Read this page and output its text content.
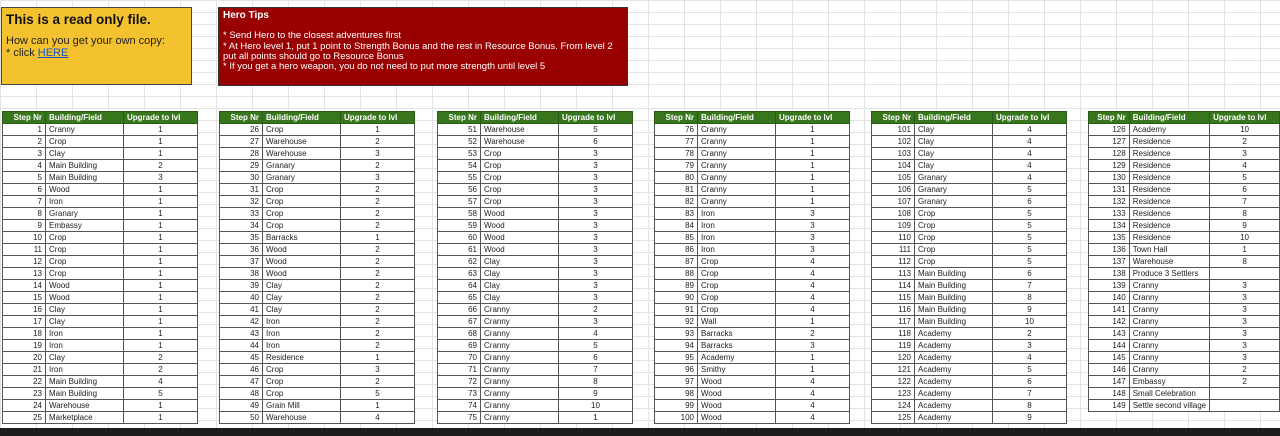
This is a read only file.
How can you get your own copy:
* click HERE
Hero Tips
* Send Hero to the closest adventures first
* At Hero level 1, put 1 point to Strength Bonus and the rest in Resource Bonus. From level 2 put all points should go to Resource Bonus
* If you get a hero weapon, you do not need to put more strength until level 5
Step Nr	Building/Field	Upgrade to lvl
1	Cranny	1
2	Crop	1
3	Clay	1
4	Main Building	2
5	Main Building	3
6	Wood	1
7	Iron	1
8	Granary	1
9	Embassy	1
10	Crop	1
11	Crop	1
12	Crop	1
13	Crop	1
14	Wood	1
15	Wood	1
16	Clay	1
17	Clay	1
18	Iron	1
19	Iron	1
20	Clay	2
21	Iron	2
22	Main Building	4
23	Main Building	5
24	Warehouse	1
25	Marketplace	1
Step Nr	Building/Field	Upgrade to lvl
26	Crop	1
27	Warehouse	2
28	Warehouse	3
29	Granary	2
30	Granary	3
31	Crop	2
32	Crop	2
33	Crop	2
34	Crop	2
35	Barracks	1
36	Wood	2
37	Wood	2
38	Wood	2
39	Clay	2
40	Clay	2
41	Clay	2
42	Iron	2
43	Iron	2
44	Iron	2
45	Residence	1
46	Crop	3
47	Crop	2
48	Crop	5
49	Grain Mill	1
50	Warehouse	4
Step Nr	Building/Field	Upgrade to lvl
51	Warehouse	5
52	Warehouse	6
53	Crop	3
54	Crop	3
55	Crop	3
56	Crop	3
57	Crop	3
58	Wood	3
59	Wood	3
60	Wood	3
61	Wood	3
62	Clay	3
63	Clay	3
64	Clay	3
65	Clay	3
66	Cranny	2
67	Cranny	3
68	Cranny	4
69	Cranny	5
70	Cranny	6
71	Cranny	7
72	Cranny	8
73	Cranny	9
74	Cranny	10
75	Cranny	1
Step Nr	Building/Field	Upgrade to lvl
76	Cranny	1
77	Cranny	1
78	Cranny	1
79	Cranny	1
80	Cranny	1
81	Cranny	1
82	Cranny	1
83	Iron	3
84	Iron	3
85	Iron	3
86	Iron	3
87	Crop	4
88	Crop	4
89	Crop	4
90	Crop	4
91	Crop	4
92	Wall	1
93	Barracks	2
94	Barracks	3
95	Academy	1
96	Smithy	1
97	Wood	4
98	Wood	4
99	Wood	4
100	Wood	4
Step Nr	Building/Field	Upgrade to lvl
101	Clay	4
102	Clay	4
103	Clay	4
104	Clay	4
105	Granary	4
106	Granary	5
107	Granary	6
108	Crop	5
109	Crop	5
110	Crop	5
111	Crop	5
112	Crop	5
113	Main Building	6
114	Main Building	7
115	Main Building	8
116	Main Building	9
117	Main Building	10
118	Academy	2
119	Academy	3
120	Academy	4
121	Academy	5
122	Academy	6
123	Academy	7
124	Academy	8
125	Academy	9
Step Nr	Building/Field	Upgrade to lvl
126	Academy	10
127	Residence	2
128	Residence	3
129	Residence	4
130	Residence	5
131	Residence	6
132	Residence	7
133	Residence	8
134	Residence	9
135	Residence	10
136	Town Hall	1
137	Warehouse	8
138	Produce 3 Settlers	
139	Cranny	3
140	Cranny	3
141	Cranny	3
142	Cranny	3
143	Cranny	3
144	Cranny	3
145	Cranny	3
146	Cranny	2
147	Embassy	2
148	Small Celebration	
149	Settle second village	
